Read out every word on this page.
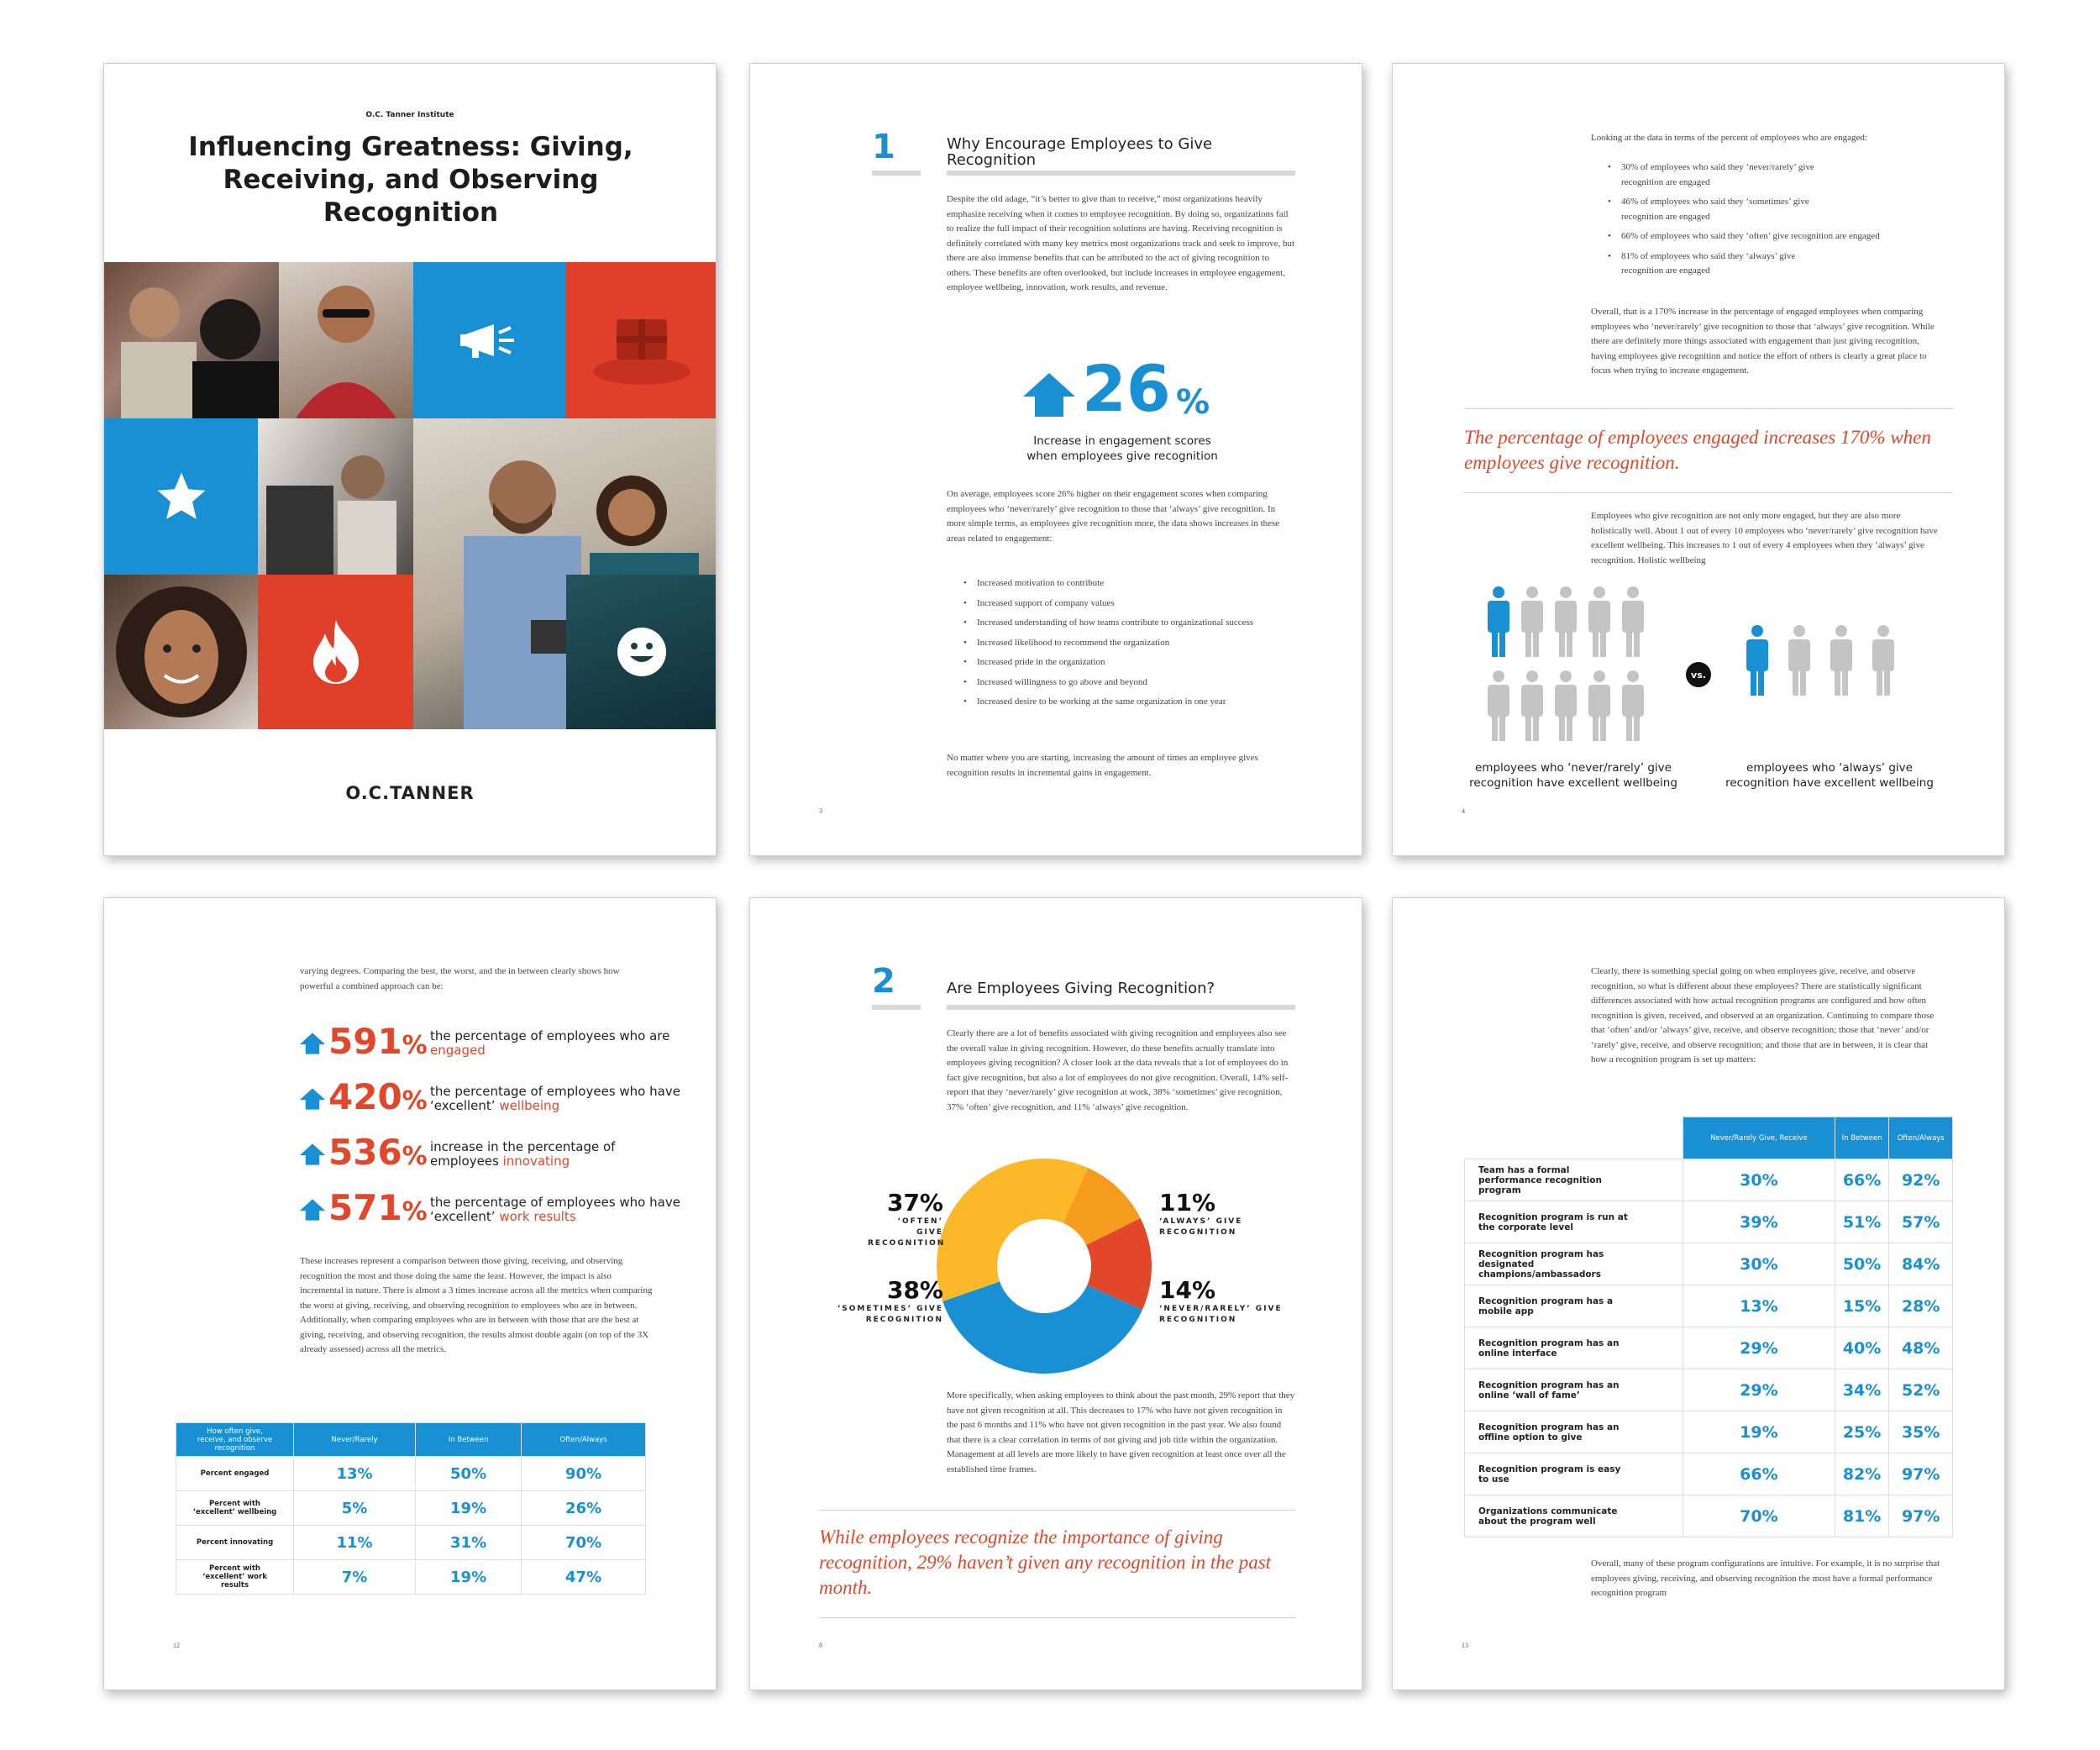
O.C. Tanner Institute
Influencing Greatness: Giving,
Receiving, and Observing
Recognition
O.C.TANNER
1	Why Encourage Employees to Give Recognition
Despite the old adage, “it’s better to give than to receive,” most organizations heavily emphasize receiving when it comes to employee recognition. By doing so, organizations fail to realize the full impact of their recognition solutions are having. Receiving recognition is definitely correlated with many key metrics most organizations track and seek to improve, but there are also immense benefits that can be attributed to the act of giving recognition to others. These benefits are often overlooked, but include increases in employee engagement, employee wellbeing, innovation, work results, and revenue.
26 %
Increase in engagement scores when employees give recognition
On average, employees score 26% higher on their engagement scores when comparing employees who ‘never/rarely’ give recognition to those that ‘always’ give recognition. In more simple terms, as employees give recognition more, the data shows increases in these areas related to engagement:
• Increased motivation to contribute
• Increased support of company values
• Increased understanding of how teams contribute to organizational success
• Increased likelihood to recommend the organization
• Increased pride in the organization
• Increased willingness to go above and beyond
• Increased desire to be working at the same organization in one year
No matter where you are starting, increasing the amount of times an employee gives recognition results in incremental gains in engagement.
3
Looking at the data in terms of the percent of employees who are engaged:
• 30% of employees who said they ‘never/rarely’ give recognition are engaged
• 46% of employees who said they ‘sometimes’ give recognition are engaged
• 66% of employees who said they ‘often’ give recognition are engaged
• 81% of employees who said they ‘always’ give recognition are engaged
Overall, that is a 170% increase in the percentage of engaged employees when comparing employees who ‘never/rarely’ give recognition to those that ‘always’ give recognition. While there are definitely more things associated with engagement than just giving recognition, having employees give recognition and notice the effort of others is clearly a great place to focus when trying to increase engagement.
The percentage of employees engaged increases 170% when employees give recognition.
Employees who give recognition are not only more engaged, but they are also more holistically well. About 1 out of every 10 employees who ‘never/rarely’ give recognition have excellent wellbeing. This increases to 1 out of every 4 employees when they ‘always’ give recognition. Holistic wellbeing
vs.
employees who ‘never/rarely’ give recognition have excellent wellbeing
employees who ‘always’ give recognition have excellent wellbeing
4
varying degrees. Comparing the best, the worst, and the in between clearly shows how powerful a combined approach can be:
591% the percentage of employees who are engaged
420% the percentage of employees who have ‘excellent’ wellbeing
536% increase in the percentage of employees innovating
571% the percentage of employees who have ‘excellent’ work results
These increases represent a comparison between those giving, receiving, and observing recognition the most and those doing the same the least. However, the impact is also incremental in nature. There is almost a 3 times increase across all the metrics when comparing the worst at giving, receiving, and observing recognition to employees who are in between. Additionally, when comparing employees who are in between with those that are the best at giving, receiving, and observing recognition, the results almost double again (on top of the 3X already assessed) across all the metrics.
How often give, receive, and observe recognition	Never/Rarely	In Between	Often/Always
Percent engaged	13%	50%	90%
Percent with ‘excellent’ wellbeing	5%	19%	26%
Percent innovating	11%	31%	70%
Percent with ‘excellent’ work results	7%	19%	47%
12
2	Are Employees Giving Recognition?
Clearly there are a lot of benefits associated with giving recognition and employees also see the overall value in giving recognition. However, do these benefits actually translate into employees giving recognition? A closer look at the data reveals that a lot of employees do in fact give recognition, but also a lot of employees do not give recognition. Overall, 14% self-report that they ‘never/rarely’ give recognition at work, 38% ‘sometimes’ give recognition, 37% ‘often’ give recognition, and 11% ‘always’ give recognition.
37%
‘OFTEN’ GIVE RECOGNITION
38%
‘SOMETIMES’ GIVE RECOGNITION
11%
‘ALWAYS’ GIVE RECOGNITION
14%
‘NEVER/RARELY’ GIVE RECOGNITION
More specifically, when asking employees to think about the past month, 29% report that they have not given recognition at all. This decreases to 17% who have not given recognition in the past 6 months and 11% who have not given recognition in the past year. We also found that there is a clear correlation in terms of not giving and job title within the organization. Management at all levels are more likely to have given recognition at least once over all the established time frames.
While employees recognize the importance of giving recognition, 29% haven’t given any recognition in the past month.
8
Clearly, there is something special going on when employees give, receive, and observe recognition, so what is different about these employees? There are statistically significant differences associated with how actual recognition programs are configured and how often recognition is given, received, and observed at an organization. Continuing to compare those that ‘often’ and/or ‘always’ give, receive, and observe recognition; those that ‘never’ and/or ‘rarely’ give, receive, and observe recognition; and those that are in between, it is clear that how a recognition program is set up matters:
	Never/Rarely Give, Receive	In Between	Often/Always
Team has a formal performance recognition program	30%	66%	92%
Recognition program is run at the corporate level	39%	51%	57%
Recognition program has designated champions/ambassadors	30%	50%	84%
Recognition program has a mobile app	13%	15%	28%
Recognition program has an online interface	29%	40%	48%
Recognition program has an online ‘wall of fame’	29%	34%	52%
Recognition program has an offline option to give	19%	25%	35%
Recognition program is easy to use	66%	82%	97%
Organizations communicate about the program well	70%	81%	97%
Overall, many of these program configurations are intuitive. For example, it is no surprise that employees giving, receiving, and observing recognition the most have a formal performance recognition program
13
